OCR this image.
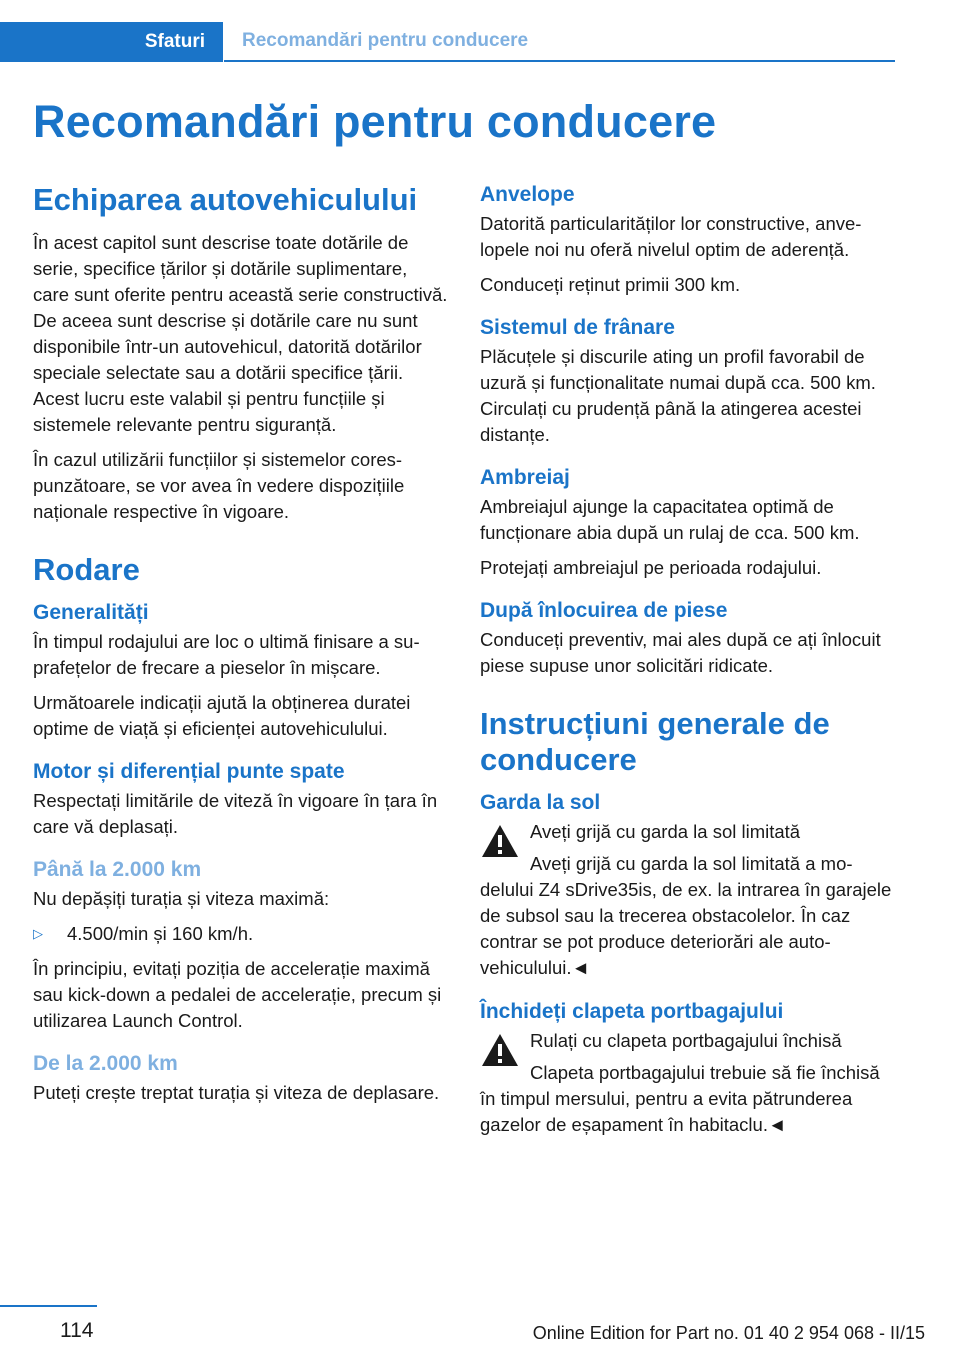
Sfaturi	Recomandări pentru conducere
Recomandări pentru conducere
Echiparea autovehiculului

În acest capitol sunt descrise toate dotările de serie, specifice țărilor și dotările suplimentare, care sunt oferite pentru această serie constructivă. De aceea sunt descrise și dotările care nu sunt disponibile într-un autovehicul, datorită dotărilor speciale selectate sau a dotării specifice țării. Acest lucru este valabil și pentru funcțiile și sistemele relevante pentru siguranță.

În cazul utilizării funcțiilor și sistemelor corespunzătoare, se vor avea în vedere dispozițiile naționale respective în vigoare.

Rodare
Generalități

În timpul rodajului are loc o ultimă finisare a suprafețelor de frecare a pieselor în mișcare.

Următoarele indicații ajută la obținerea duratei optime de viață și eficienței autovehiculului.

Motor și diferențial punte spate

Respectați limitările de viteză în vigoare în țara în care vă deplasați.

Până la 2.000 km

Nu depășiți turația și viteza maximă:

▷	4.500/min și 160 km/h.

În principiu, evitați poziția de accelerație maximă sau kick-down a pedalei de accelerație, precum și utilizarea Launch Control.

De la 2.000 km

Puteți crește treptat turația și viteza de deplasare.

Anvelope

Datorită particularităților lor constructive, anvelopele noi nu oferă nivelul optim de aderență.

Conduceți reținut primii 300 km.

Sistemul de frânare

Plăcuțele și discurile ating un profil favorabil de uzură și funcționalitate numai după cca. 500 km. Circulați cu prudență până la atingerea acestei distanțe.

Ambreiaj

Ambreiajul ajunge la capacitatea optimă de funcționare abia după un rulaj de cca. 500 km.

Protejați ambreiajul pe perioada rodajului.

După înlocuirea de piese

Conduceți preventiv, mai ales după ce ați înlocuit piese supuse unor solicitări ridicate.

Instrucțiuni generale de conducere
Garda la sol
Aveți grijă cu garda la sol limitată

Aveți grijă cu garda la sol limitată a modelului Z4 sDrive35is, de ex. la intrarea în garajele de subsol sau la trecerea obstacolelor. În caz contrar se pot produce deteriorări ale autovehiculului.◄

Închideți clapeta portbagajului
Rulați cu clapeta portbagajului închisă

Clapeta portbagajului trebuie să fie închisă în timpul mersului, pentru a evita pătrunderea gazelor de eșapament în habitaclu.◄

114	Online Edition for Part no. 01 40 2 954 068 - II/15
